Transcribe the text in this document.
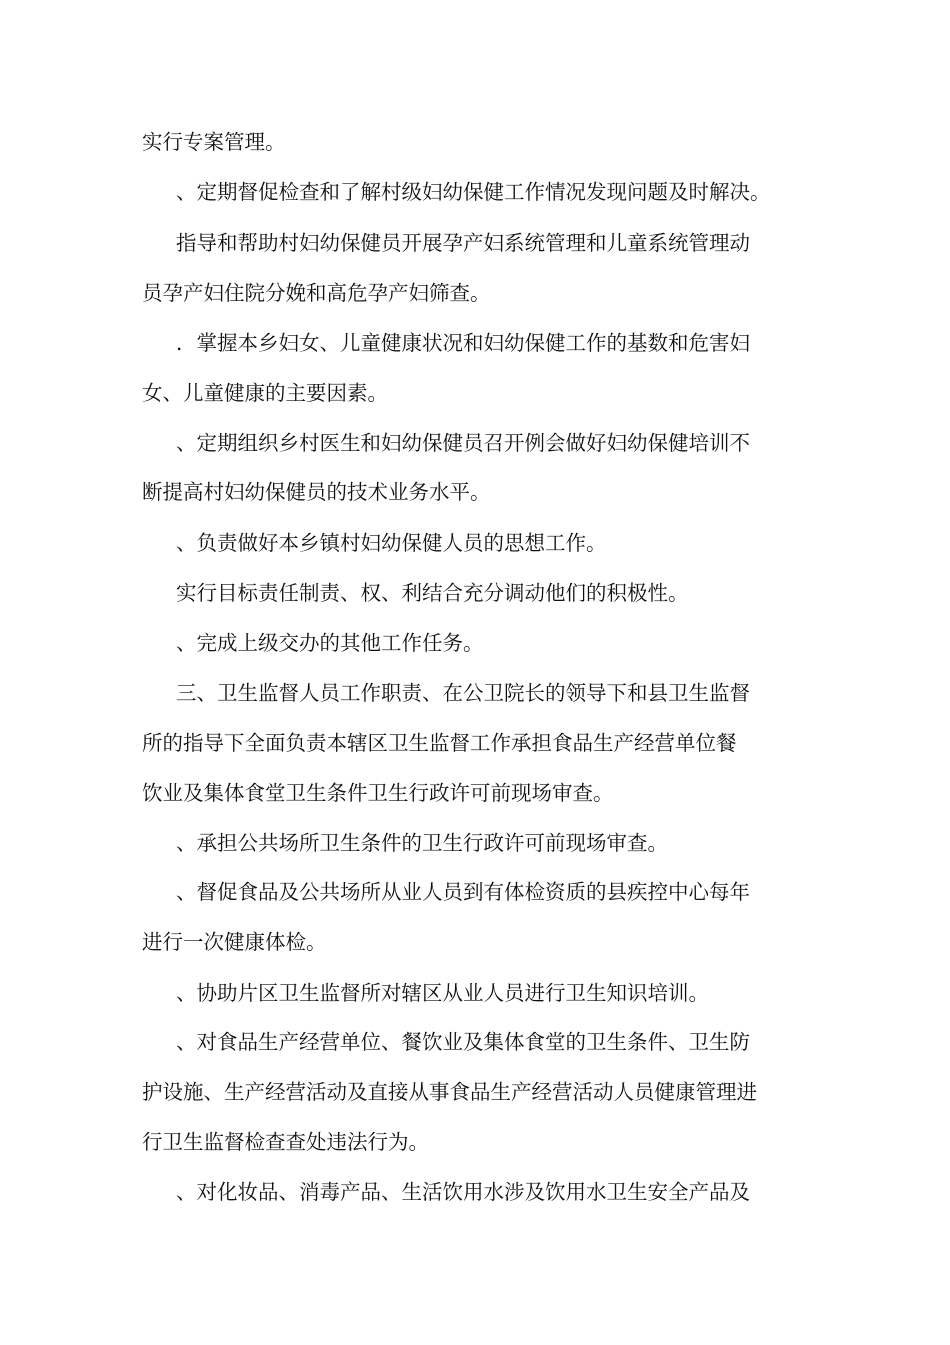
实行专案管理。
、定期督促检查和了解村级妇幼保健工作情况发现问题及时解决。
指导和帮助村妇幼保健员开展孕产妇系统管理和儿童系统管理动
员孕产妇住院分娩和高危孕产妇筛查。
．掌握本乡妇女、儿童健康状况和妇幼保健工作的基数和危害妇
女、儿童健康的主要因素。
、定期组织乡村医生和妇幼保健员召开例会做好妇幼保健培训不
断提高村妇幼保健员的技术业务水平。
、负责做好本乡镇村妇幼保健人员的思想工作。
实行目标责任制责、权、利结合充分调动他们的积极性。
、完成上级交办的其他工作任务。
三、卫生监督人员工作职责、在公卫院长的领导下和县卫生监督
所的指导下全面负责本辖区卫生监督工作承担食品生产经营单位餐
饮业及集体食堂卫生条件卫生行政许可前现场审查。
、承担公共场所卫生条件的卫生行政许可前现场审查。
、督促食品及公共场所从业人员到有体检资质的县疾控中心每年
进行一次健康体检。
、协助片区卫生监督所对辖区从业人员进行卫生知识培训。
、对食品生产经营单位、餐饮业及集体食堂的卫生条件、卫生防
护设施、生产经营活动及直接从事食品生产经营活动人员健康管理进
行卫生监督检查查处违法行为。
、对化妆品、消毒产品、生活饮用水涉及饮用水卫生安全产品及
